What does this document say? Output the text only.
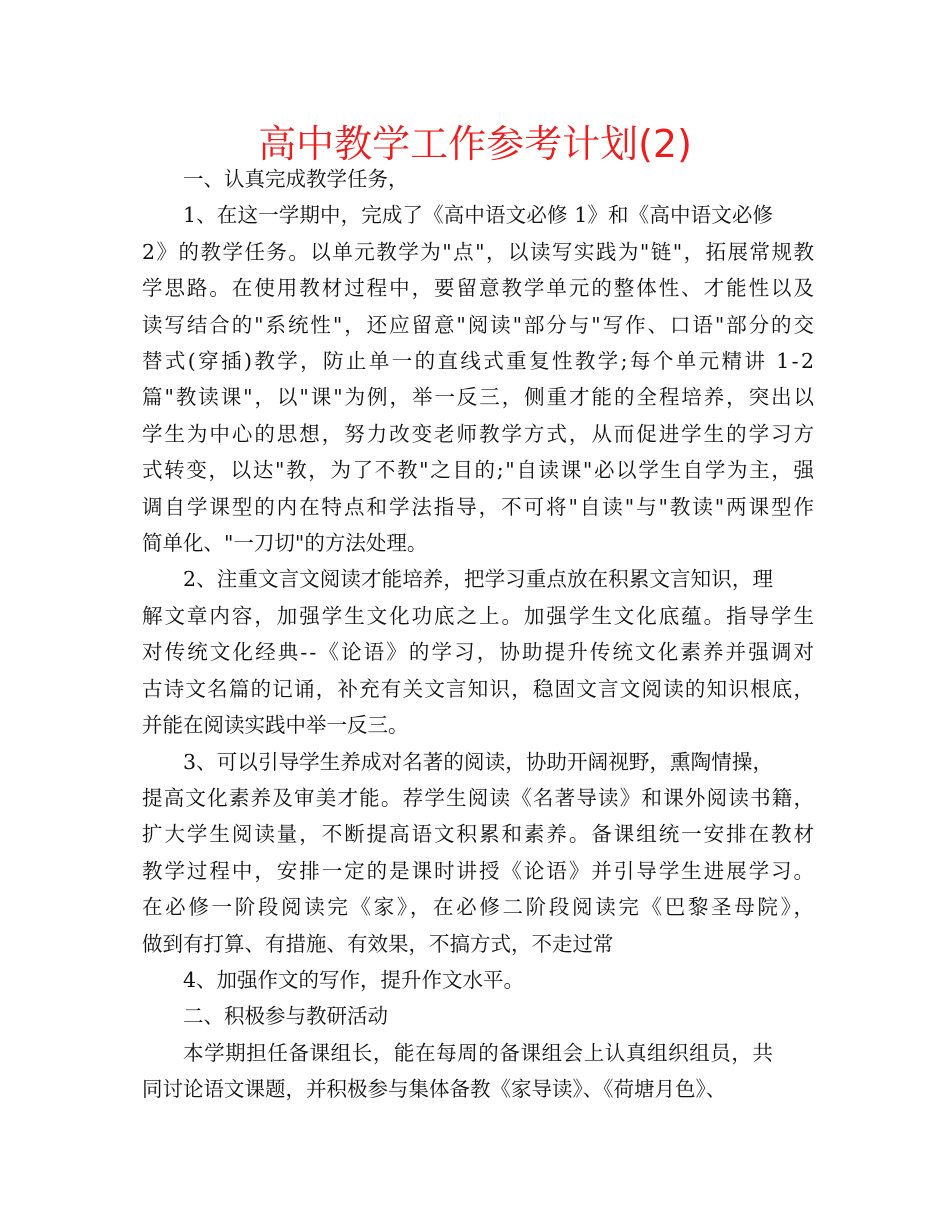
高中教学工作参考计划(2)
一、认真完成教学任务，
1、在这一学期中，完成了《高中语文必修 1》和《高中语文必修
2》的教学任务。以单元教学为"点"，以读写实践为"链"，拓展常规教
学思路。在使用教材过程中，要留意教学单元的整体性、才能性以及
读写结合的"系统性"，还应留意"阅读"部分与"写作、口语"部分的交
替式(穿插)教学，防止单一的直线式重复性教学;每个单元精讲 1-2
篇"教读课"，以"课"为例，举一反三，侧重才能的全程培养，突出以
学生为中心的思想，努力改变老师教学方式，从而促进学生的学习方
式转变，以达"教，为了不教"之目的;"自读课"必以学生自学为主，强
调自学课型的内在特点和学法指导，不可将"自读"与"教读"两课型作
简单化、"一刀切"的方法处理。
2、注重文言文阅读才能培养，把学习重点放在积累文言知识，理
解文章内容，加强学生文化功底之上。加强学生文化底蕴。指导学生
对传统文化经典--《论语》的学习，协助提升传统文化素养并强调对
古诗文名篇的记诵，补充有关文言知识，稳固文言文阅读的知识根底，
并能在阅读实践中举一反三。
3、可以引导学生养成对名著的阅读，协助开阔视野，熏陶情操，
提高文化素养及审美才能。荐学生阅读《名著导读》和课外阅读书籍，
扩大学生阅读量，不断提高语文积累和素养。备课组统一安排在教材
教学过程中，安排一定的是课时讲授《论语》并引导学生进展学习。
在必修一阶段阅读完《家》，在必修二阶段阅读完《巴黎圣母院》，
做到有打算、有措施、有效果，不搞方式，不走过常
4、加强作文的写作，提升作文水平。
二、积极参与教研活动
本学期担任备课组长，能在每周的备课组会上认真组织组员，共
同讨论语文课题，并积极参与集体备教《家导读》、《荷塘月色》、
